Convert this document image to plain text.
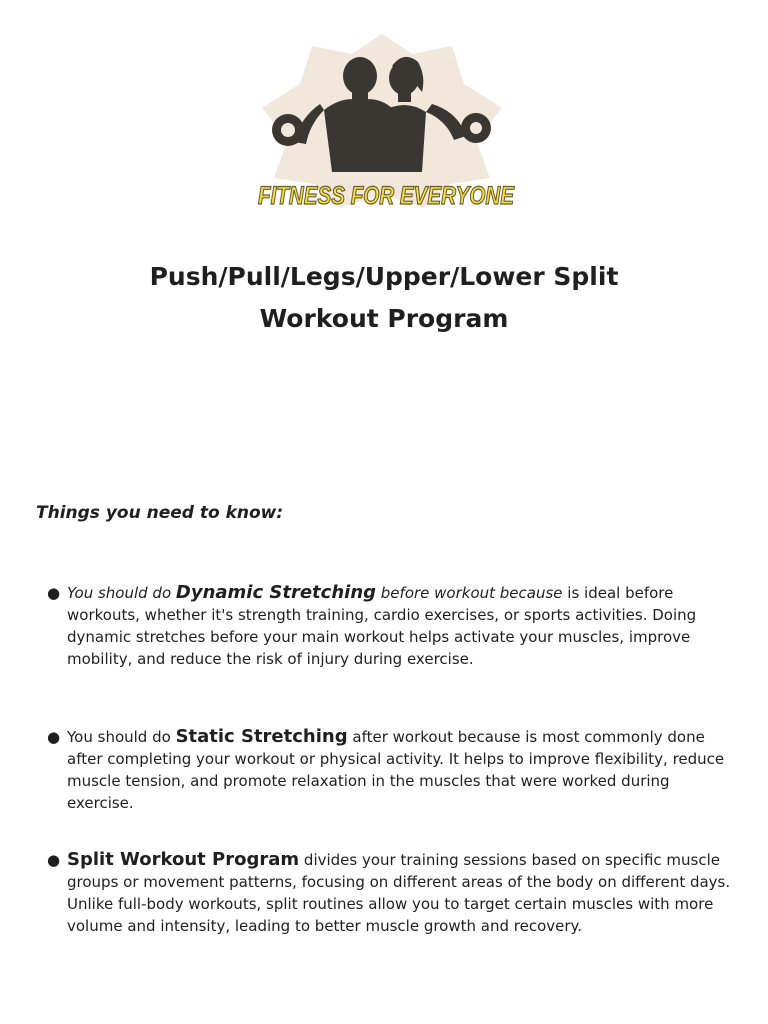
FITNESS FOR EVERYONE
Push/Pull/Legs/Upper/Lower Split
Workout Program

Things you need to know:

● You should do Dynamic Stretching before workout because is ideal before workouts, whether it's strength training, cardio exercises, or sports activities. Doing dynamic stretches before your main workout helps activate your muscles, improve mobility, and reduce the risk of injury during exercise.
● You should do Static Stretching after workout because is most commonly done after completing your workout or physical activity. It helps to improve flexibility, reduce muscle tension, and promote relaxation in the muscles that were worked during exercise.
● Split Workout Program divides your training sessions based on specific muscle groups or movement patterns, focusing on different areas of the body on different days. Unlike full-body workouts, split routines allow you to target certain muscles with more volume and intensity, leading to better muscle growth and recovery.
